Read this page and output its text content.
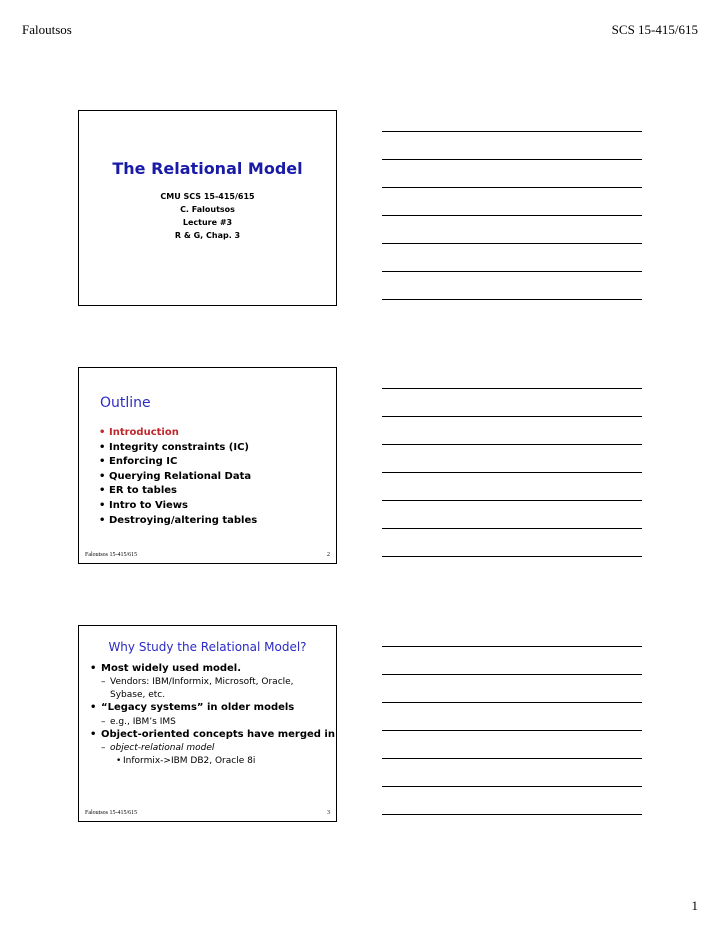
Faloutsos	SCS 15-415/615
The Relational Model
CMU SCS 15-415/615
C. Faloutsos
Lecture #3
R & G, Chap. 3
Outline
• Introduction
• Integrity constraints (IC)
• Enforcing IC
• Querying Relational Data
• ER to tables
• Intro to Views
• Destroying/altering tables
Faloutsos 15-415/615	2
Why Study the Relational Model?
• Most widely used model.
– Vendors: IBM/Informix, Microsoft, Oracle, Sybase, etc.
• “Legacy systems” in older models
– e.g., IBM’s IMS
• Object-oriented concepts have merged in
– object-relational model
• Informix->IBM DB2, Oracle 8i
Faloutsos 15-415/615	3
1
